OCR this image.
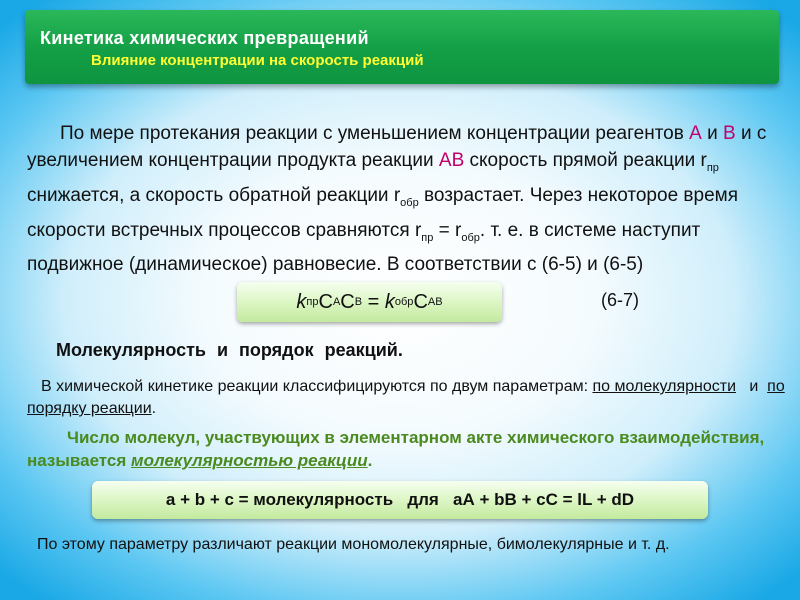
Кинетика химических превращений
Влияние концентрации на скорость реакций

По мере протекания реакции с уменьшением концентрации реагентов А и В и с увеличением концентрации продукта реакции АВ скорость прямой реакции $r_{пр}$ снижается, а скорость обратной реакции $r_{обр}$ возрастает. Через некоторое время скорости встречных процессов сравняются $r_{пр} = r_{обр}$. т. е. в системе наступит подвижное (динамическое) равновесие. В соответствии с (6-5) и (6-5)

k пр C A C B = k обр C AB	(6-7)
Молекулярность и порядок реакций.

В химической кинетике реакции классифицируются по двум параметрам: по молекулярности   и  по порядку реакции.

Число молекул, участвующих в элементарном акте химического взаимодействия, называется молекулярностью реакции.

а + b + с = молекулярность   для   аА + bВ + сС = lL + dD

По этому параметру различают реакции мономолекулярные, бимолекулярные и т. д.
